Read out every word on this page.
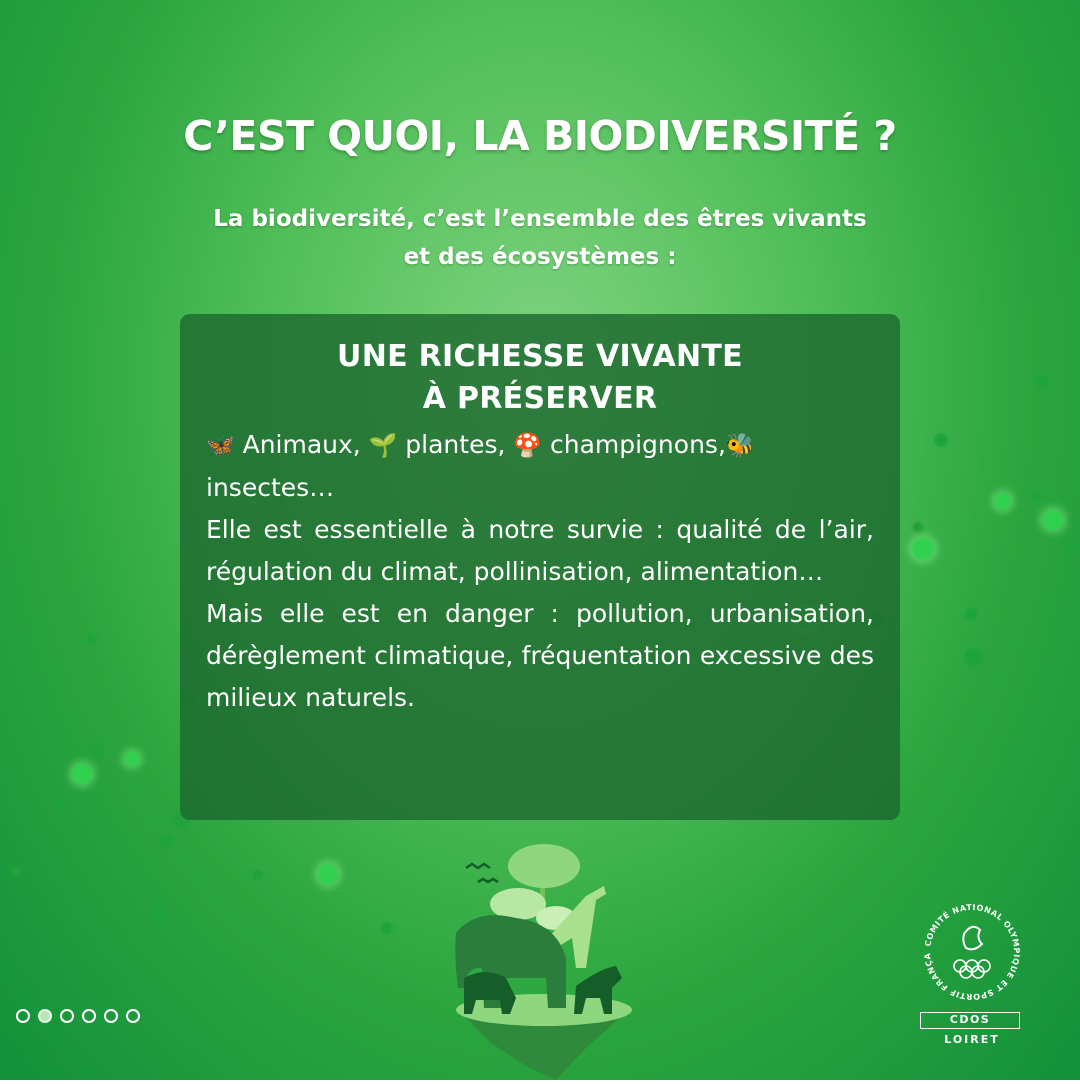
C’EST QUOI, LA BIODIVERSITÉ ?
La biodiversité, c’est l’ensemble des êtres vivants
et des écosystèmes :
UNE RICHESSE VIVANTE
À PRÉSERVER

🦋 Animaux, 🌱 plantes, 🍄 champignons,🐝 insectes…

Elle est essentielle à notre survie : qualité de l’air, régulation du climat, pollinisation, alimentation…

Mais elle est en danger : pollution, urbanisation, dérèglement climatique, fréquentation excessive des milieux naturels.

COMITÉ NATIONAL OLYMPIQUE ET SPORTIF FRANÇA
CDOS
LOIRET
